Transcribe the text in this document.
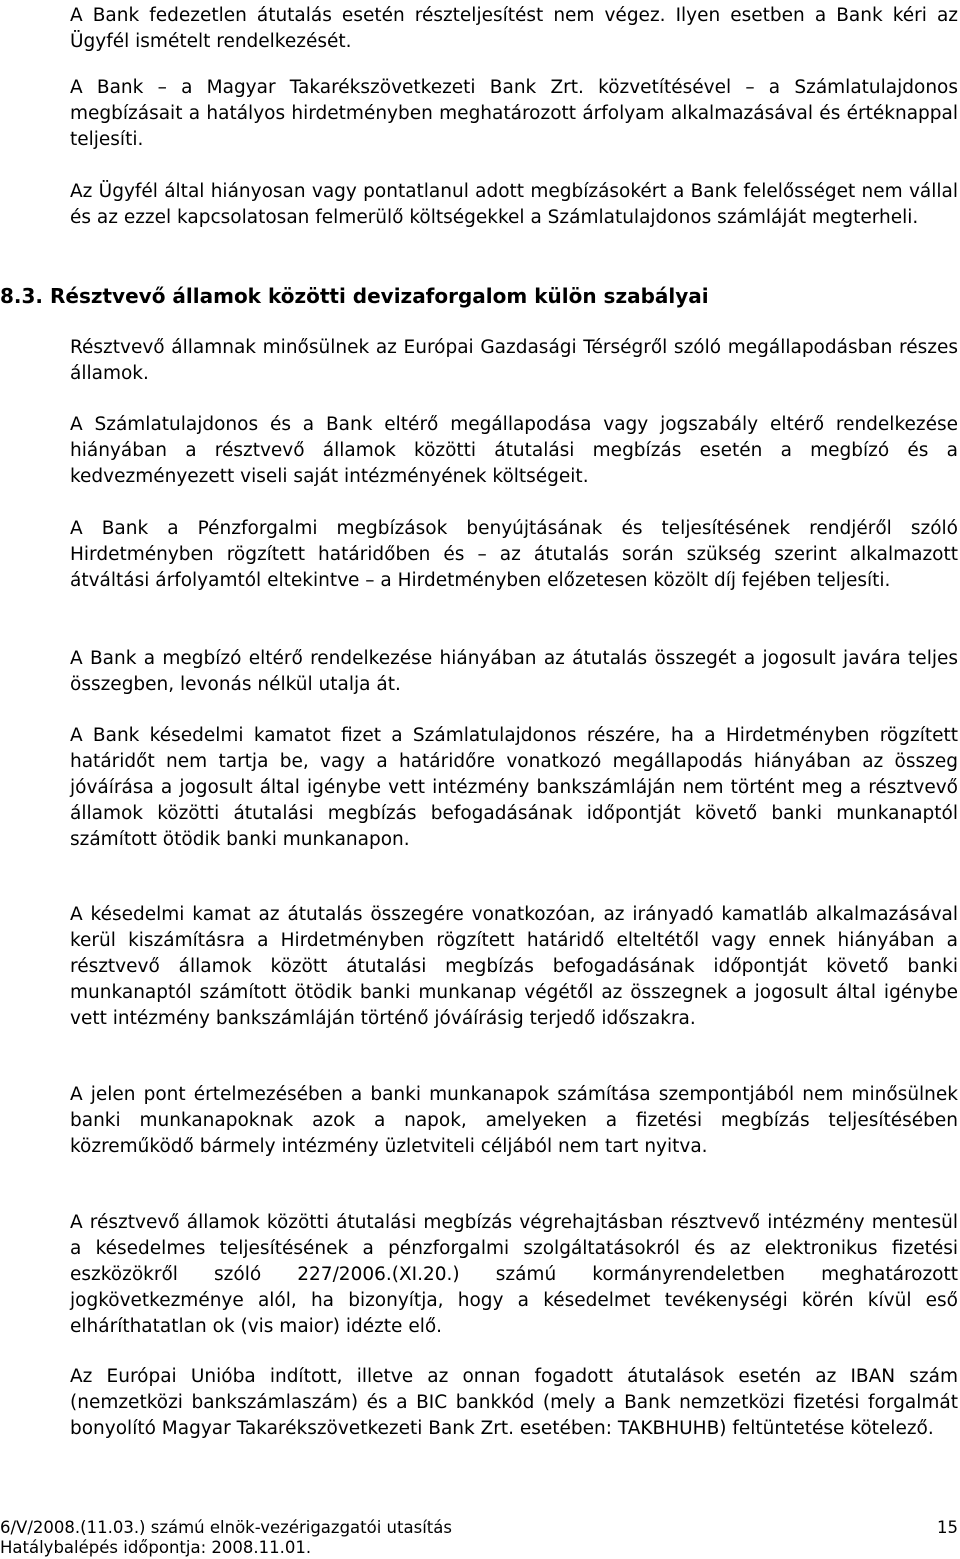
A Bank fedezetlen átutalás esetén részteljesítést nem végez. Ilyen esetben a Bank kéri az Ügyfél ismételt rendelkezését.
A Bank – a Magyar Takarékszövetkezeti Bank Zrt. közvetítésével – a Számlatulajdonos megbízásait a hatályos hirdetményben meghatározott árfolyam alkalmazásával és értéknappal teljesíti.
Az Ügyfél által hiányosan vagy pontatlanul adott megbízásokért a Bank felelősséget nem vállal és az ezzel kapcsolatosan felmerülő költségekkel a Számlatulajdonos számláját megterheli.
8.3. Résztvevő államok közötti devizaforgalom külön szabályai
Résztvevő államnak minősülnek az Európai Gazdasági Térségről szóló megállapodásban részes államok.
A Számlatulajdonos és a Bank eltérő megállapodása vagy jogszabály eltérő rendelkezése hiányában a résztvevő államok közötti átutalási megbízás esetén a megbízó és a kedvezményezett viseli saját intézményének költségeit.
A Bank a Pénzforgalmi megbízások benyújtásának és teljesítésének rendjéről szóló Hirdetményben rögzített határidőben és – az átutalás során szükség szerint alkalmazott átváltási árfolyamtól eltekintve – a Hirdetményben előzetesen közölt díj fejében teljesíti.
A Bank a megbízó eltérő rendelkezése hiányában az átutalás összegét a jogosult javára teljes összegben, levonás nélkül utalja át.
A Bank késedelmi kamatot fizet a Számlatulajdonos részére, ha a Hirdetményben rögzített határidőt nem tartja be, vagy a határidőre vonatkozó megállapodás hiányában az összeg jóváírása a jogosult által igénybe vett intézmény bankszámláján nem történt meg a résztvevő államok közötti átutalási megbízás befogadásának időpontját követő banki munkanaptól számított ötödik banki munkanapon.
A késedelmi kamat az átutalás összegére vonatkozóan, az irányadó kamatláb alkalmazásával kerül kiszámításra a Hirdetményben rögzített határidő elteltétől vagy ennek hiányában a résztvevő államok között átutalási megbízás befogadásának időpontját követő banki munkanaptól számított ötödik banki munkanap végétől az összegnek a jogosult által igénybe vett intézmény bankszámláján történő jóváírásig terjedő időszakra.
A jelen pont értelmezésében a banki munkanapok számítása szempontjából nem minősülnek banki munkanapoknak azok a napok, amelyeken a fizetési megbízás teljesítésében közreműködő bármely intézmény üzletviteli céljából nem tart nyitva.
A résztvevő államok közötti átutalási megbízás végrehajtásban résztvevő intézmény mentesül a késedelmes teljesítésének a pénzforgalmi szolgáltatásokról és az elektronikus fizetési eszközökről szóló 227/2006.(XI.20.) számú kormányrendeletben meghatározott jogkövetkezménye alól, ha bizonyítja, hogy a késedelmet tevékenységi körén kívül eső elháríthatatlan ok (vis maior) idézte elő.
Az Európai Unióba indított, illetve az onnan fogadott átutalások esetén az IBAN szám (nemzetközi bankszámlaszám) és a BIC bankkód (mely a Bank nemzetközi fizetési forgalmát bonyolító Magyar Takarékszövetkezeti Bank Zrt. esetében: TAKBHUHB) feltüntetése kötelező.
6/V/2008.(11.03.) számú elnök-vezérigazgatói utasítás	15
Hatálybalépés időpontja: 2008.11.01.
